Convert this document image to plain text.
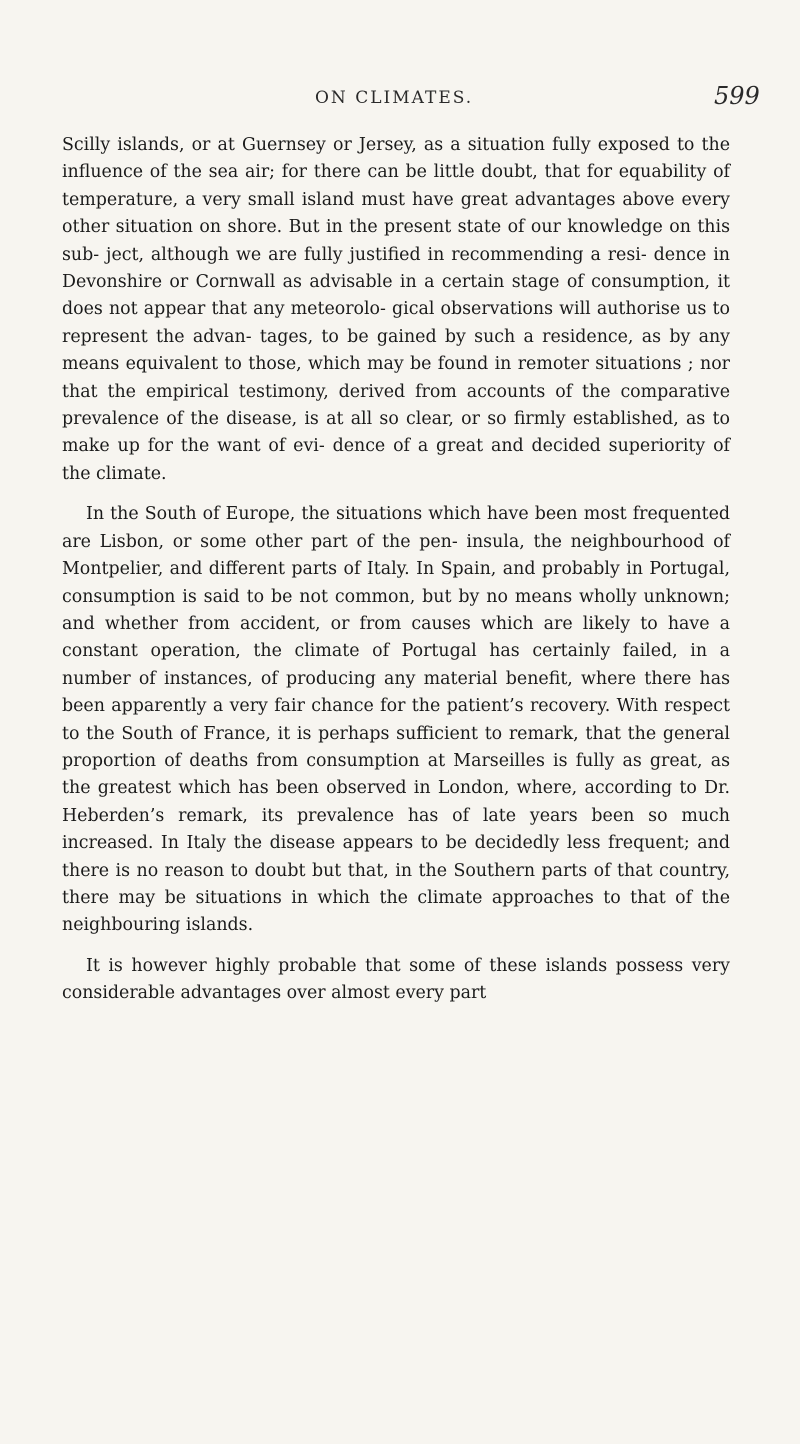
ON CLIMATES.	599

Scilly islands, or at Guernsey or Jersey, as a situation fully exposed to the influence of the sea air; for there can be little doubt, that for equability of temperature, a very small island must have great advantages above every other situation on shore. But in the present state of our knowledge on this sub- ject, although we are fully justified in recommending a resi- dence in Devonshire or Cornwall as advisable in a certain stage of consumption, it does not appear that any meteorolo- gical observations will authorise us to represent the advan- tages, to be gained by such a residence, as by any means equivalent to those, which may be found in remoter situations ; nor that the empirical testimony, derived from accounts of the comparative prevalence of the disease, is at all so clear, or so firmly established, as to make up for the want of evi- dence of a great and decided superiority of the climate.

In the South of Europe, the situations which have been most frequented are Lisbon, or some other part of the pen- insula, the neighbourhood of Montpelier, and different parts of Italy. In Spain, and probably in Portugal, consumption is said to be not common, but by no means wholly unknown; and whether from accident, or from causes which are likely to have a constant operation, the climate of Portugal has certainly failed, in a number of instances, of producing any material benefit, where there has been apparently a very fair chance for the patient’s recovery. With respect to the South of France, it is perhaps sufficient to remark, that the general proportion of deaths from consumption at Marseilles is fully as great, as the greatest which has been observed in London, where, according to Dr. Heberden’s remark, its prevalence has of late years been so much increased. In Italy the disease appears to be decidedly less frequent; and there is no reason to doubt but that, in the Southern parts of that country, there may be situations in which the climate approaches to that of the neighbouring islands.

It is however highly probable that some of these islands possess very considerable advantages over almost every part
